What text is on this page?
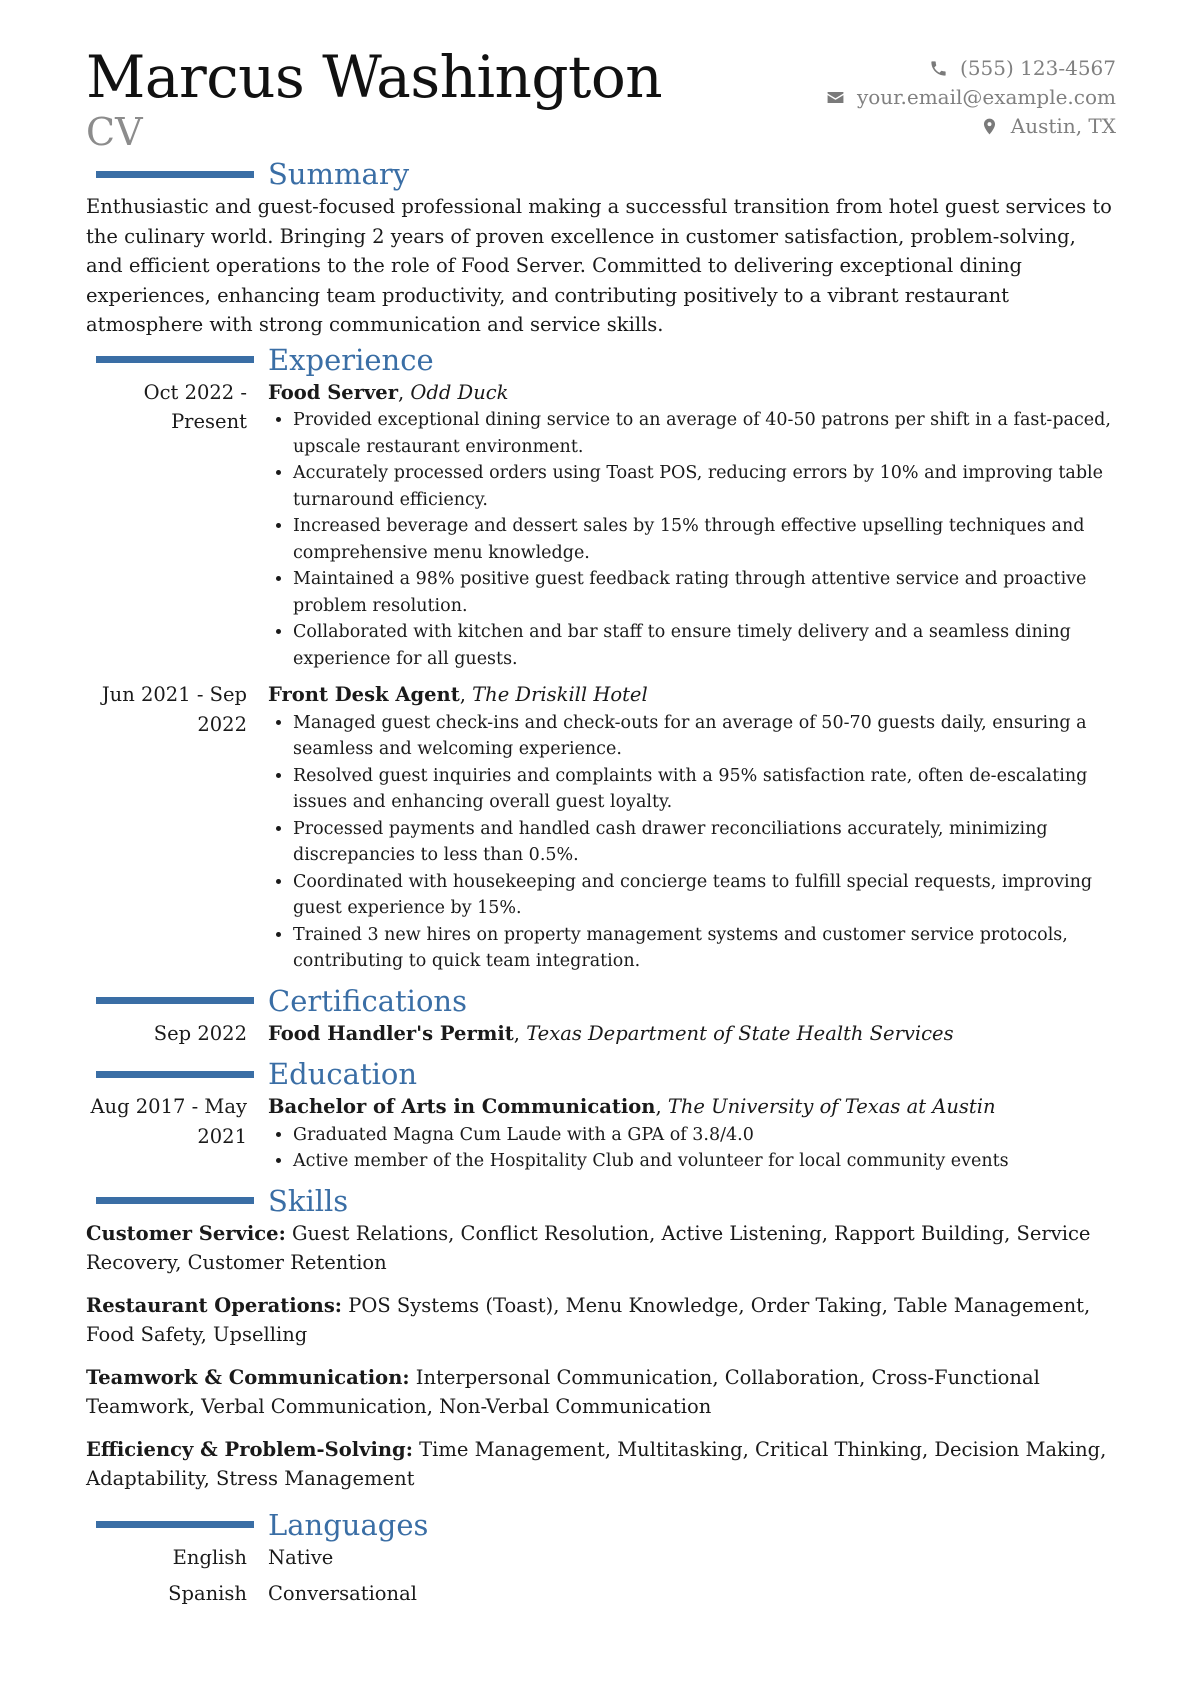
Marcus Washington
CV
(555) 123-4567
your.email@example.com
Austin, TX
Summary
Enthusiastic and guest-focused professional making a successful transition from hotel guest services to the culinary world. Bringing 2 years of proven excellence in customer satisfaction, problem-solving, and efficient operations to the role of Food Server. Committed to delivering exceptional dining experiences, enhancing team productivity, and contributing positively to a vibrant restaurant atmosphere with strong communication and service skills.
Experience
Oct 2022 - Present
Food Server, Odd Duck
• Provided exceptional dining service to an average of 40-50 patrons per shift in a fast-paced, upscale restaurant environment.
• Accurately processed orders using Toast POS, reducing errors by 10% and improving table turnaround efficiency.
• Increased beverage and dessert sales by 15% through effective upselling techniques and comprehensive menu knowledge.
• Maintained a 98% positive guest feedback rating through attentive service and proactive problem resolution.
• Collaborated with kitchen and bar staff to ensure timely delivery and a seamless dining experience for all guests.
Jun 2021 - Sep 2022
Front Desk Agent, The Driskill Hotel
• Managed guest check-ins and check-outs for an average of 50-70 guests daily, ensuring a seamless and welcoming experience.
• Resolved guest inquiries and complaints with a 95% satisfaction rate, often de-escalating issues and enhancing overall guest loyalty.
• Processed payments and handled cash drawer reconciliations accurately, minimizing discrepancies to less than 0.5%.
• Coordinated with housekeeping and concierge teams to fulfill special requests, improving guest experience by 15%.
• Trained 3 new hires on property management systems and customer service protocols, contributing to quick team integration.
Certifications
Sep 2022 Food Handler's Permit, Texas Department of State Health Services
Education
Aug 2017 - May 2021
Bachelor of Arts in Communication, The University of Texas at Austin
• Graduated Magna Cum Laude with a GPA of 3.8/4.0
• Active member of the Hospitality Club and volunteer for local community events
Skills
Customer Service: Guest Relations, Conflict Resolution, Active Listening, Rapport Building, Service Recovery, Customer Retention
Restaurant Operations: POS Systems (Toast), Menu Knowledge, Order Taking, Table Management, Food Safety, Upselling
Teamwork & Communication: Interpersonal Communication, Collaboration, Cross-Functional Teamwork, Verbal Communication, Non-Verbal Communication
Efficiency & Problem-Solving: Time Management, Multitasking, Critical Thinking, Decision Making, Adaptability, Stress Management
Languages
English Native
Spanish Conversational
